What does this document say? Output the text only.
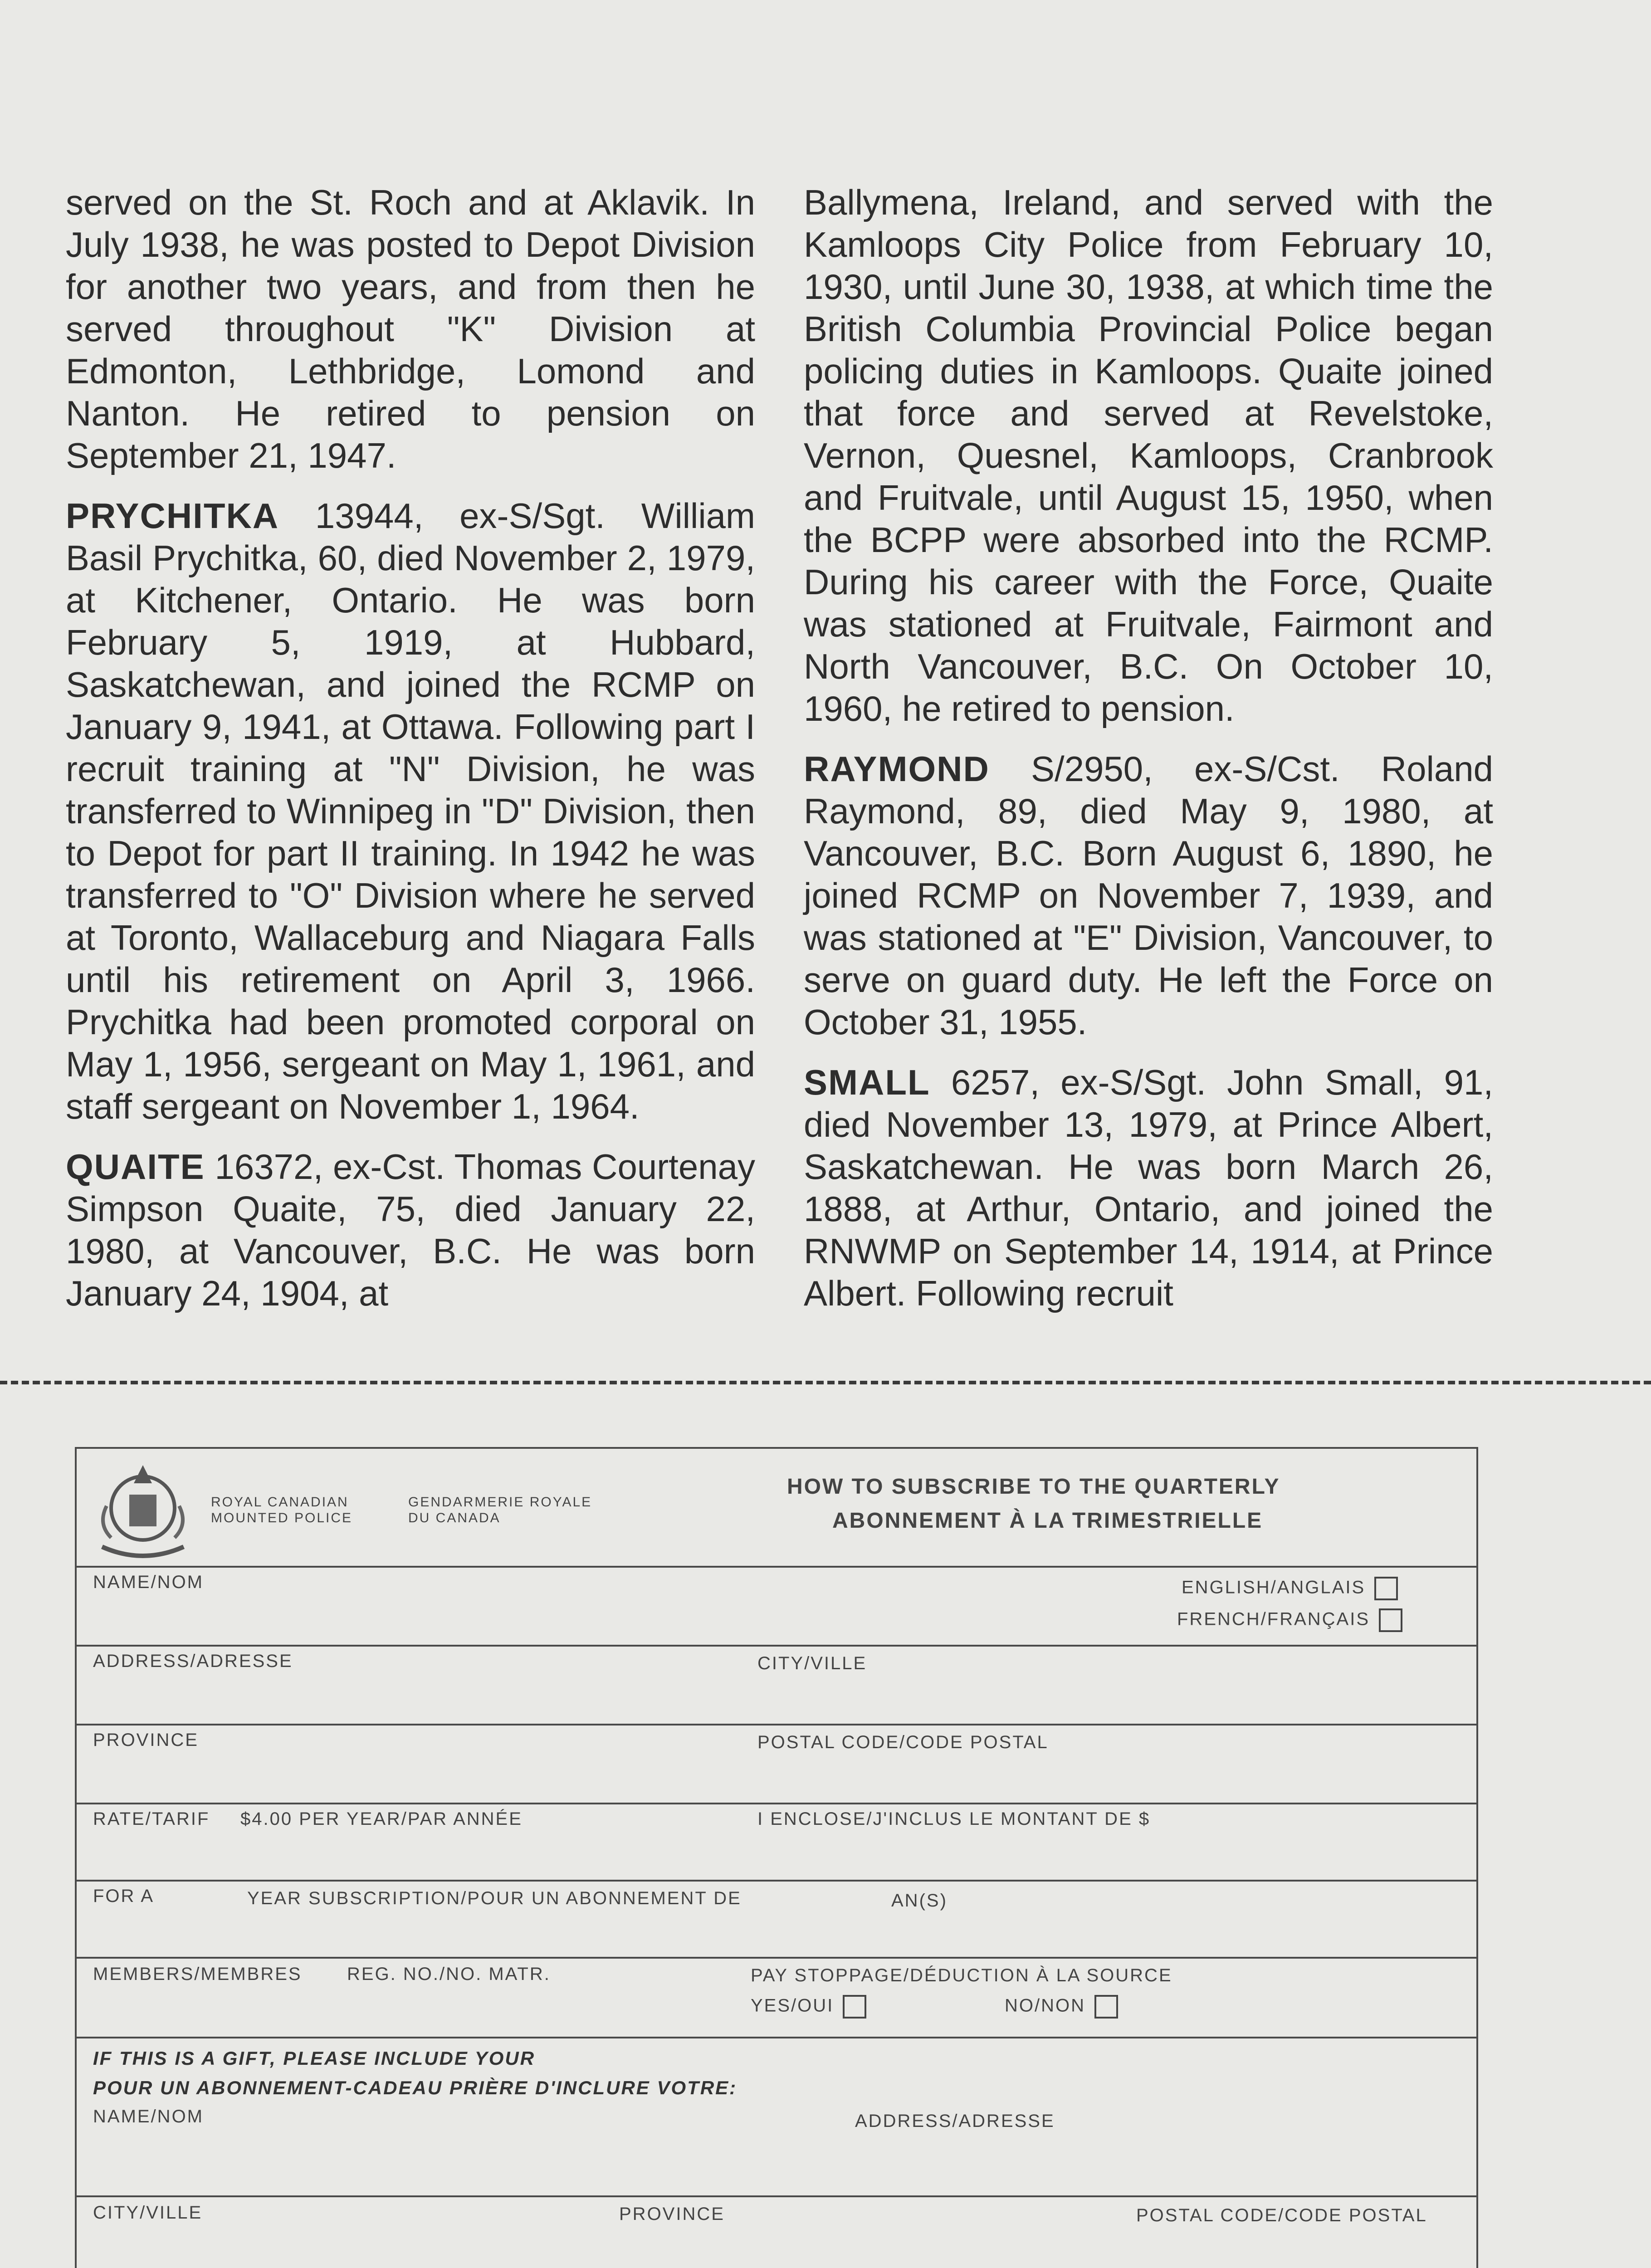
served on the St. Roch and at Aklavik. In July 1938, he was posted to Depot Division for another two years, and from then he served throughout "K" Division at Edmonton, Lethbridge, Lomond and Nanton. He retired to pension on September 21, 1947.

PRYCHITKA 13944, ex-S/Sgt. William Basil Prychitka, 60, died November 2, 1979, at Kitchener, Ontario. He was born February 5, 1919, at Hubbard, Saskatchewan, and joined the RCMP on January 9, 1941, at Ottawa. Following part I recruit training at "N" Division, he was transferred to Winnipeg in "D" Division, then to Depot for part II training. In 1942 he was transferred to "O" Division where he served at Toronto, Wallaceburg and Niagara Falls until his retirement on April 3, 1966. Prychitka had been promoted corporal on May 1, 1956, sergeant on May 1, 1961, and staff sergeant on November 1, 1964.

QUAITE 16372, ex-Cst. Thomas Courtenay Simpson Quaite, 75, died January 22, 1980, at Vancouver, B.C. He was born January 24, 1904, at

Ballymena, Ireland, and served with the Kamloops City Police from February 10, 1930, until June 30, 1938, at which time the British Columbia Provincial Police began policing duties in Kamloops. Quaite joined that force and served at Revelstoke, Vernon, Quesnel, Kamloops, Cranbrook and Fruitvale, until August 15, 1950, when the BCPP were absorbed into the RCMP. During his career with the Force, Quaite was stationed at Fruitvale, Fairmont and North Vancouver, B.C. On October 10, 1960, he retired to pension.

RAYMOND S/2950, ex-S/Cst. Roland Raymond, 89, died May 9, 1980, at Vancouver, B.C. Born August 6, 1890, he joined RCMP on November 7, 1939, and was stationed at "E" Division, Vancouver, to serve on guard duty. He left the Force on October 31, 1955.

SMALL 6257, ex-S/Sgt. John Small, 91, died November 13, 1979, at Prince Albert, Saskatchewan. He was born March 26, 1888, at Arthur, Ontario, and joined the RNWMP on September 14, 1914, at Prince Albert. Following recruit

ROYAL CANADIAN
MOUNTED POLICE
GENDARMERIE ROYALE
DU CANADA
HOW TO SUBSCRIBE TO THE QUARTERLY
ABONNEMENT À LA TRIMESTRIELLE
NAME/NOM	ENGLISH/ANGLAIS
FRENCH/FRANÇAIS
ADDRESS/ADRESSE	CITY/VILLE
PROVINCE	POSTAL CODE/CODE POSTAL
RATE/TARIF $4.00 PER YEAR/PAR ANNÉE	I ENCLOSE/J'INCLUS LE MONTANT DE $
FOR A	YEAR SUBSCRIPTION/POUR UN ABONNEMENT DE	AN(S)
MEMBERS/MEMBRES REG. NO./NO. MATR.	PAY STOPPAGE/DÉDUCTION À LA SOURCE
YES/OUI	NO/NON
IF THIS IS A GIFT, PLEASE INCLUDE YOUR
POUR UN ABONNEMENT-CADEAU PRIÈRE D'INCLURE VOTRE:
NAME/NOM	ADDRESS/ADRESSE
CITY/VILLE	PROVINCE	POSTAL CODE/CODE POSTAL
